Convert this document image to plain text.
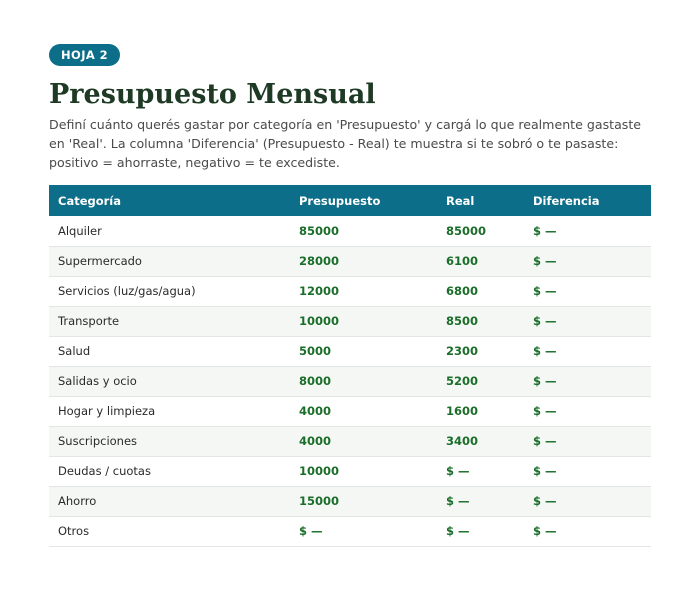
HOJA 2
Presupuesto Mensual

Definí cuánto querés gastar por categoría en 'Presupuesto' y cargá lo que realmente gastaste en 'Real'. La columna 'Diferencia' (Presupuesto - Real) te muestra si te sobró o te pasaste: positivo = ahorraste, negativo = te excediste.

Categoría	Presupuesto	Real	Diferencia
Alquiler	85000	85000	$ —
Supermercado	28000	6100	$ —
Servicios (luz/gas/agua)	12000	6800	$ —
Transporte	10000	8500	$ —
Salud	5000	2300	$ —
Salidas y ocio	8000	5200	$ —
Hogar y limpieza	4000	1600	$ —
Suscripciones	4000	3400	$ —
Deudas / cuotas	10000	$ —	$ —
Ahorro	15000	$ —	$ —
Otros	$ —	$ —	$ —
